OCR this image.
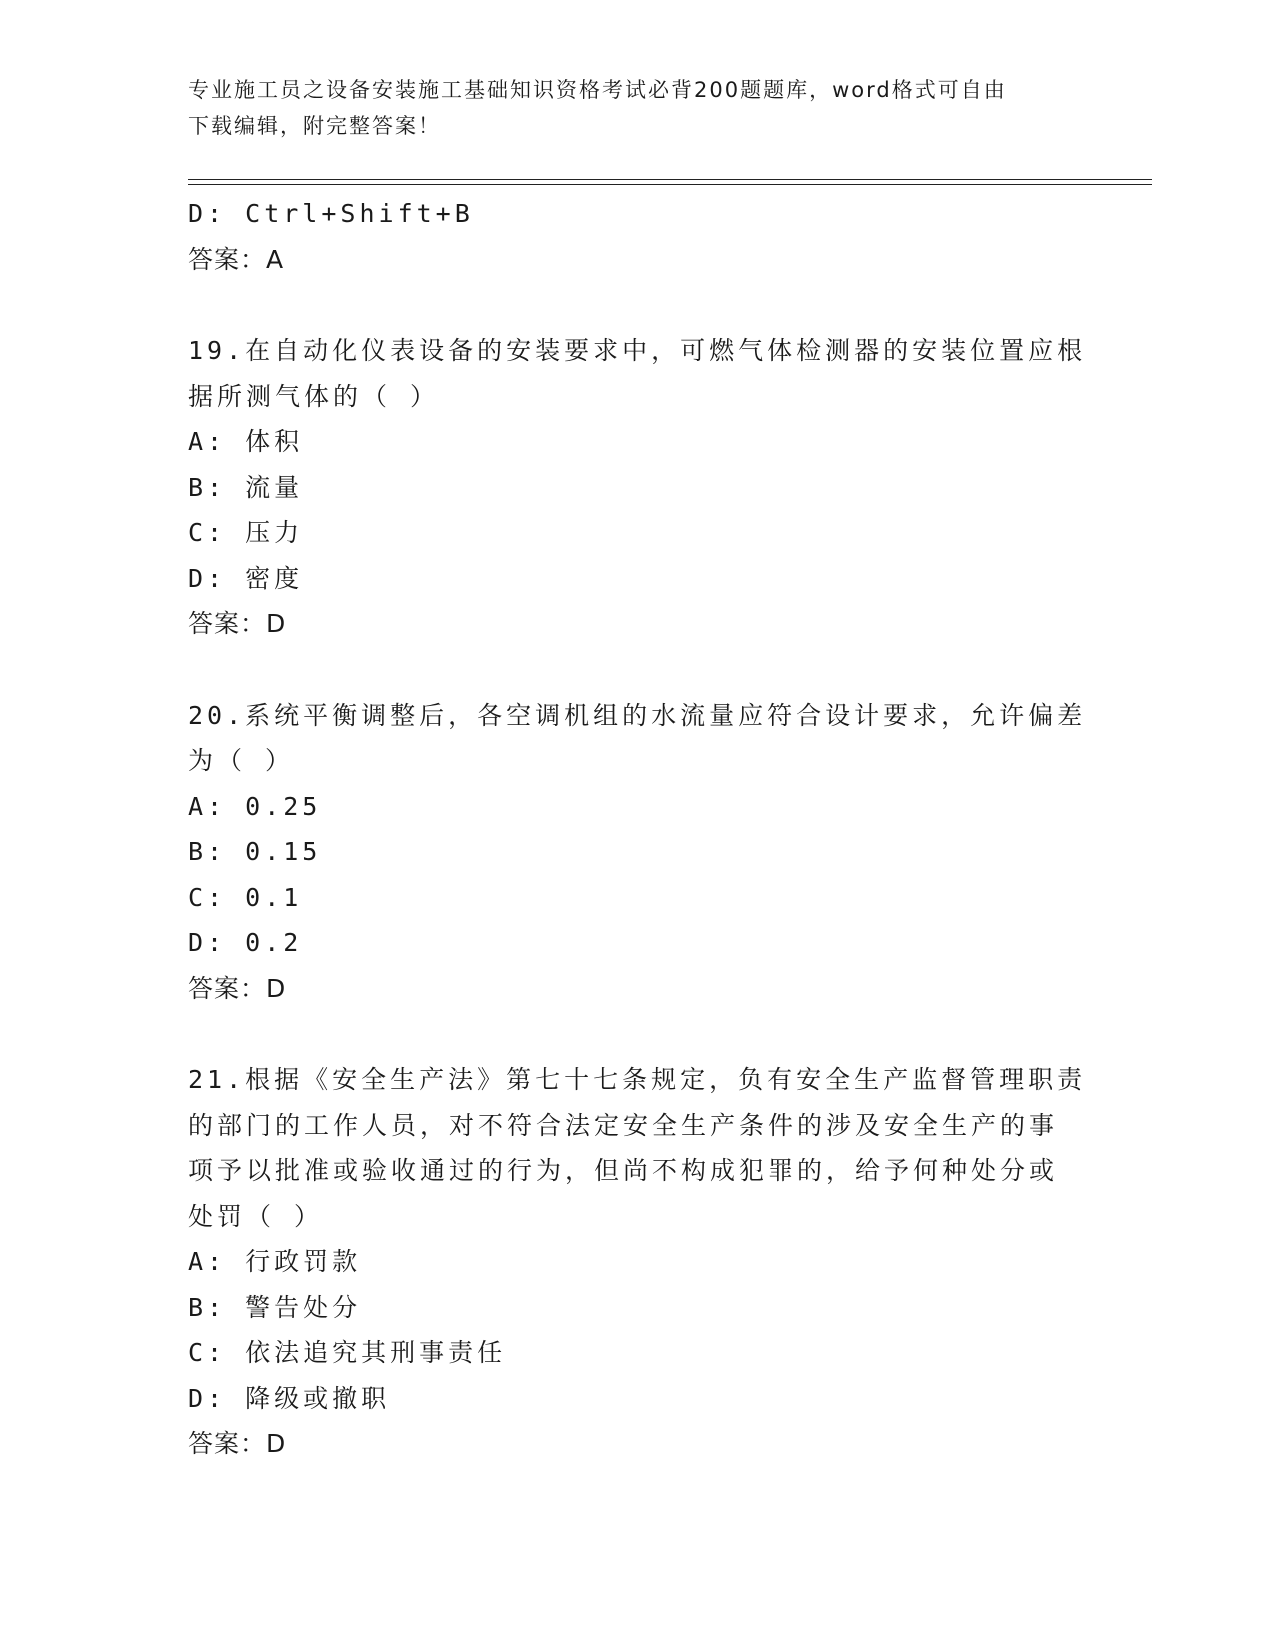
专业施工员之设备安装施工基础知识资格考试必背200题题库，word格式可自由
下载编辑，附完整答案！
D: Ctrl+Shift+B
答案：A
19.在自动化仪表设备的安装要求中，可燃气体检测器的安装位置应根
据所测气体的（ ）
A: 体积
B: 流量
C: 压力
D: 密度
答案：D
20.系统平衡调整后，各空调机组的水流量应符合设计要求，允许偏差
为（ ）
A: 0.25
B: 0.15
C: 0.1
D: 0.2
答案：D
21.根据《安全生产法》第七十七条规定，负有安全生产监督管理职责
的部门的工作人员，对不符合法定安全生产条件的涉及安全生产的事
项予以批准或验收通过的行为，但尚不构成犯罪的，给予何种处分或
处罚（ ）
A: 行政罚款
B: 警告处分
C: 依法追究其刑事责任
D: 降级或撤职
答案：D
